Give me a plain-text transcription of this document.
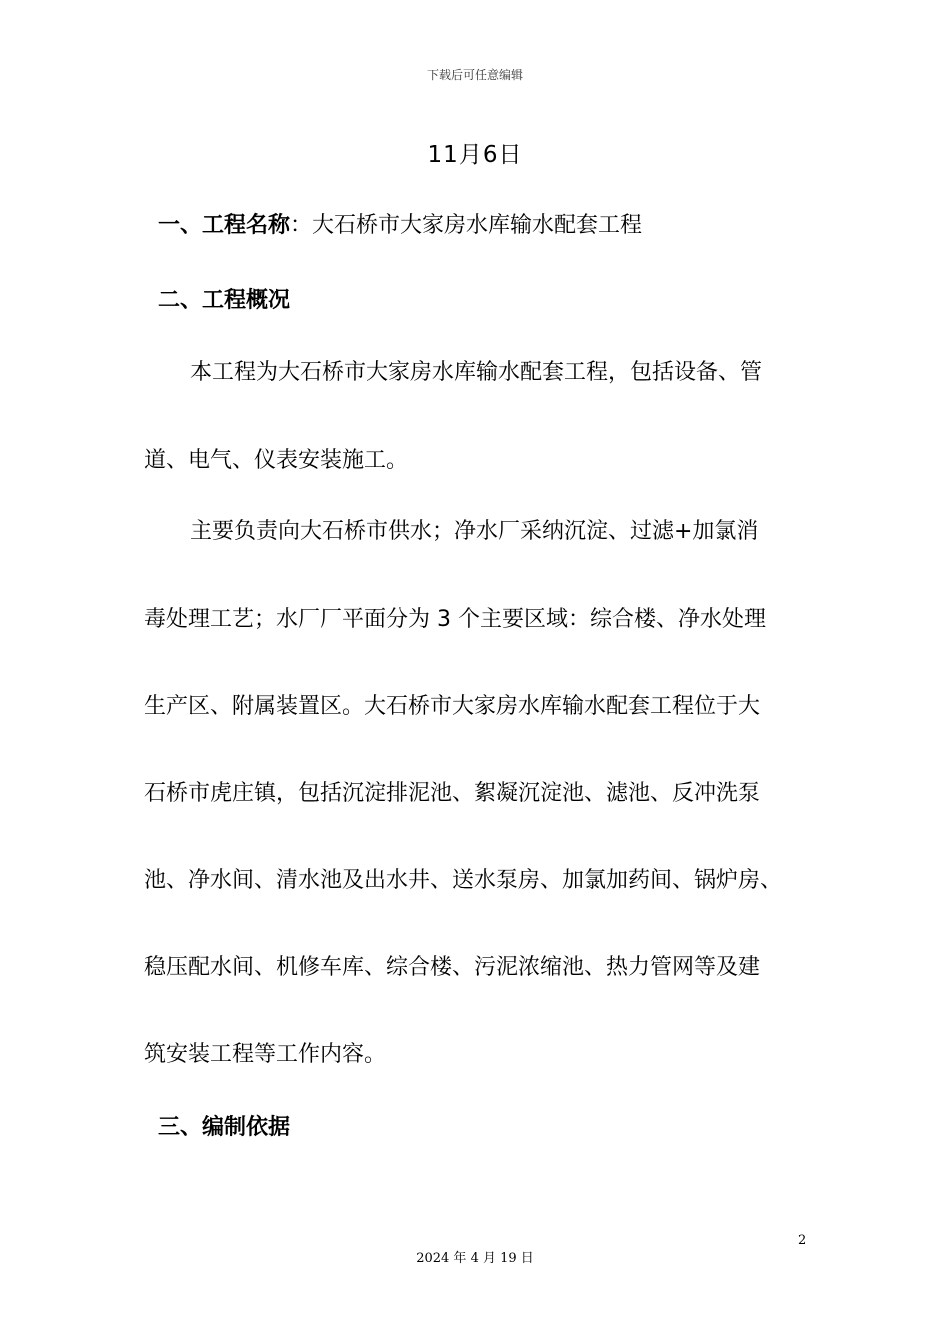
下载后可任意编辑
11月6日
一、工程名称：大石桥市大家房水库输水配套工程
二、工程概况
本工程为大石桥市大家房水库输水配套工程，包括设备、管
道、电气、仪表安装施工。
主要负责向大石桥市供水；净水厂采纳沉淀、过滤+加氯消
毒处理工艺；水厂厂平面分为 3 个主要区域：综合楼、净水处理
生产区、附属装置区。大石桥市大家房水库输水配套工程位于大
石桥市虎庄镇，包括沉淀排泥池、絮凝沉淀池、滤池、反冲洗泵
池、净水间、清水池及出水井、送水泵房、加氯加药间、锅炉房、
稳压配水间、机修车库、综合楼、污泥浓缩池、热力管网等及建
筑安装工程等工作内容。
三、编制依据
2
2024 年 4 月 19 日
